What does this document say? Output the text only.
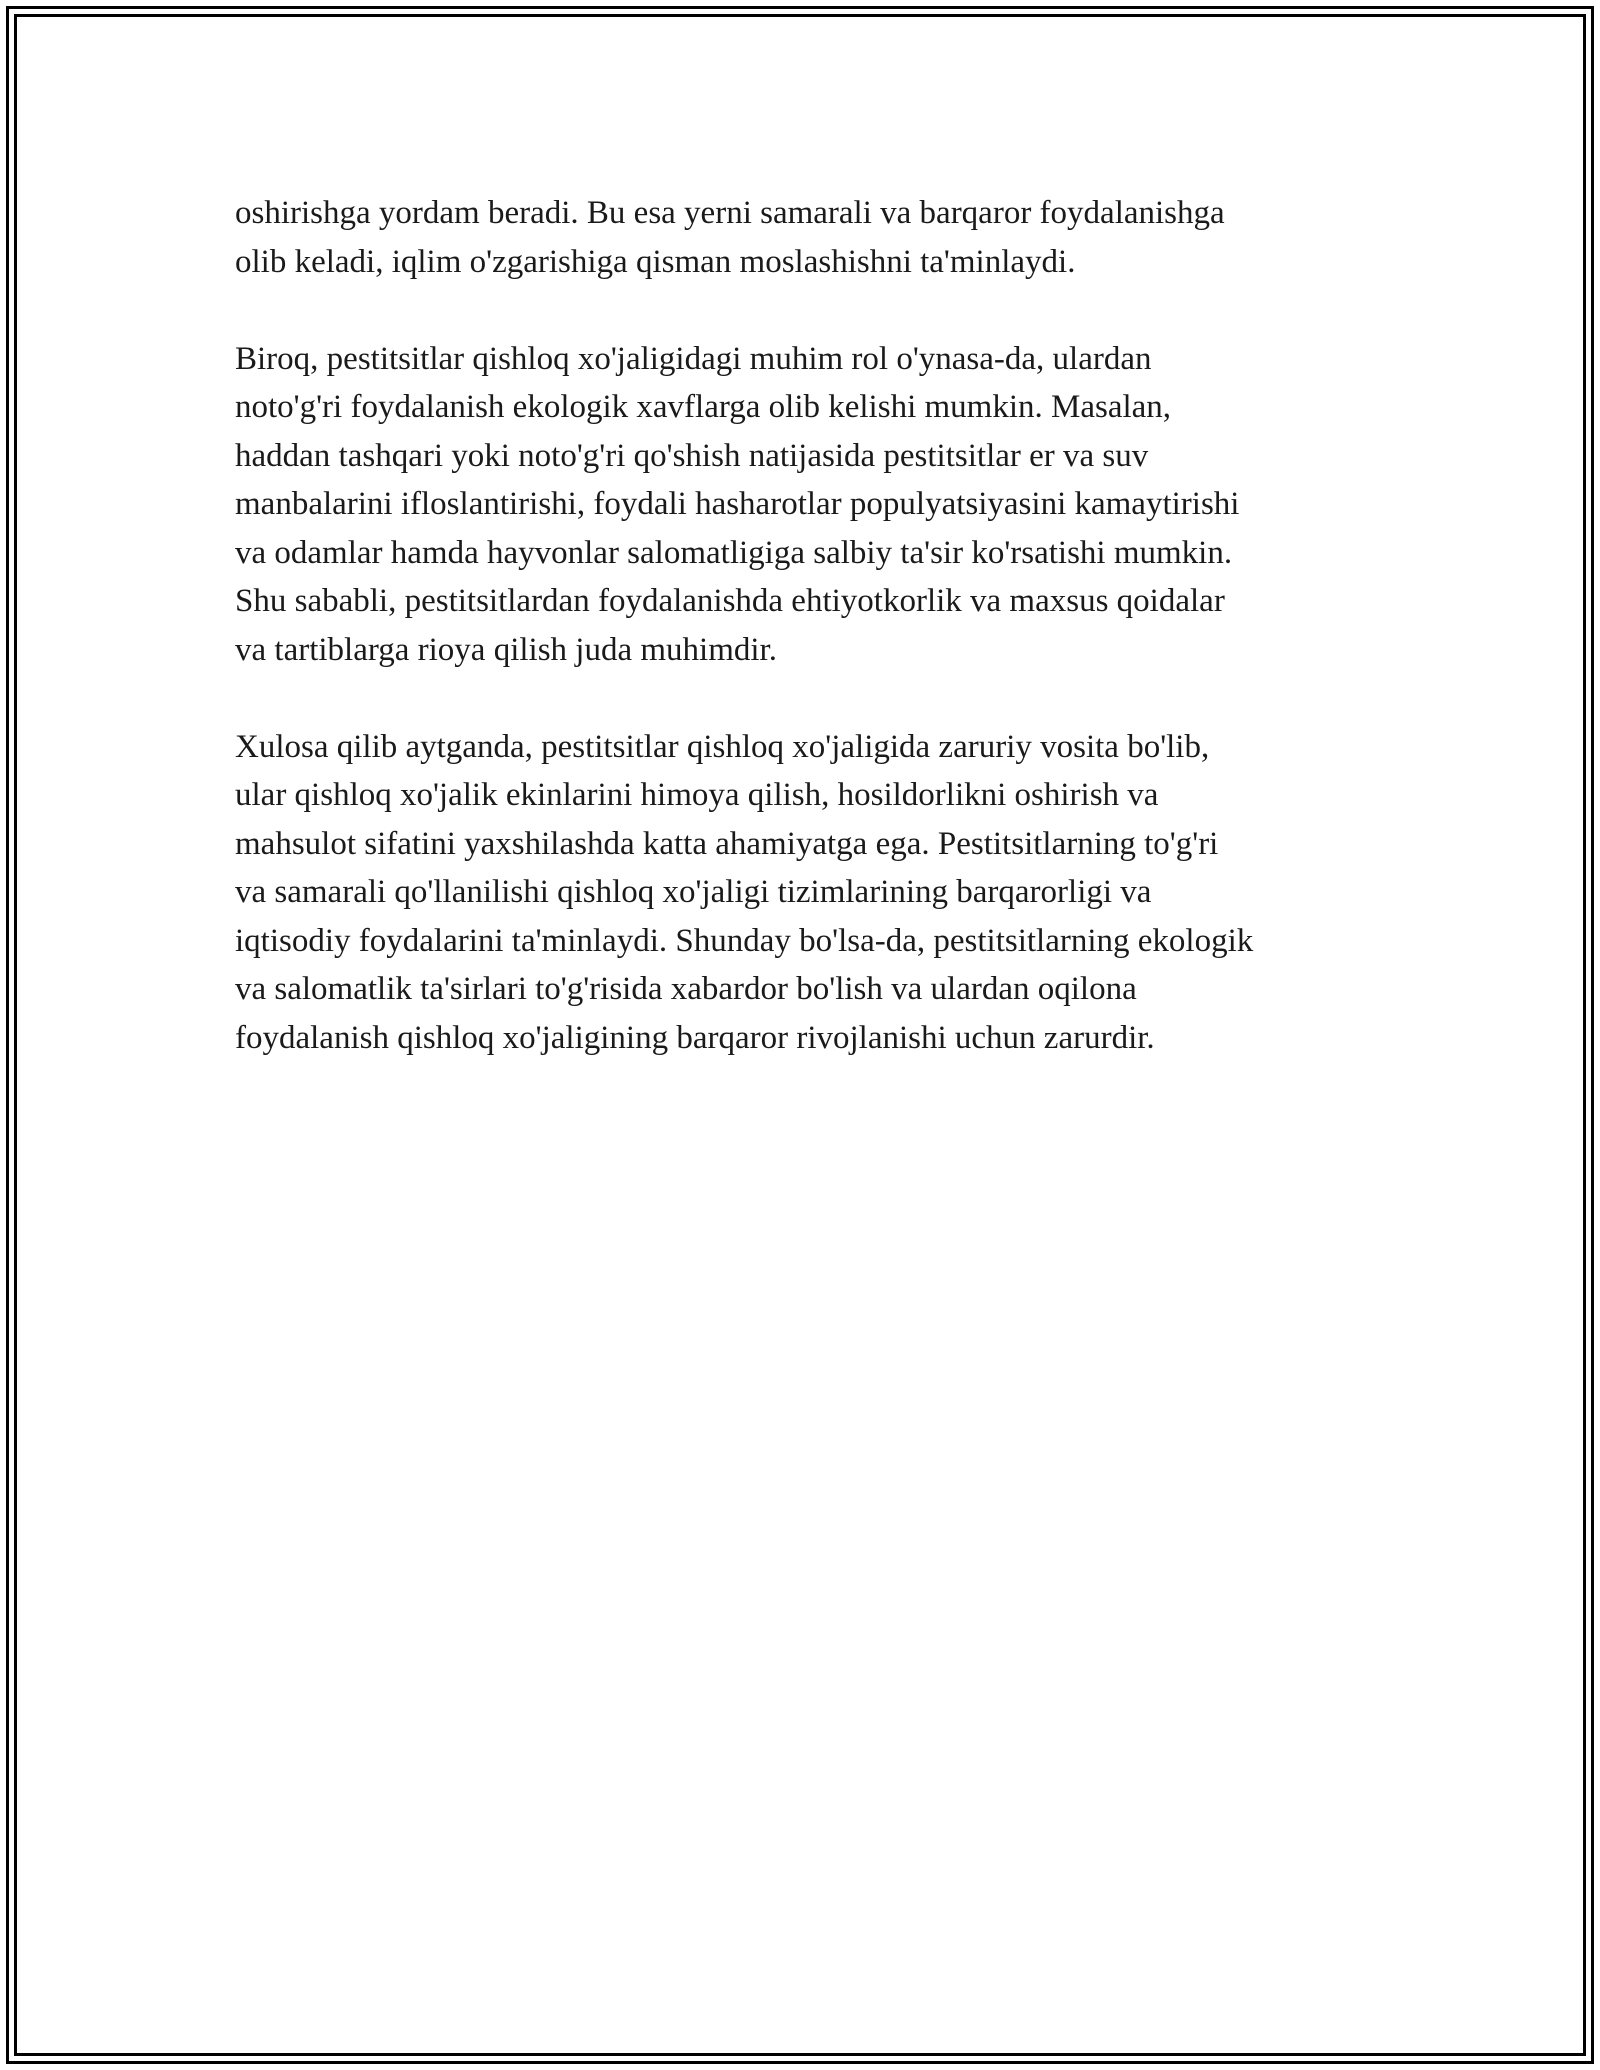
oshirishga yordam beradi. Bu esa yerni samarali va barqaror foydalanishga
olib keladi, iqlim o'zgarishiga qisman moslashishni ta'minlaydi.

Biroq, pestitsitlar qishloq xo'jaligidagi muhim rol o'ynasa-da, ulardan
noto'g'ri foydalanish ekologik xavflarga olib kelishi mumkin. Masalan,
haddan tashqari yoki noto'g'ri qo'shish natijasida pestitsitlar er va suv
manbalarini ifloslantirishi, foydali hasharotlar populyatsiyasini kamaytirishi
va odamlar hamda hayvonlar salomatligiga salbiy ta'sir ko'rsatishi mumkin.
Shu sababli, pestitsitlardan foydalanishda ehtiyotkorlik va maxsus qoidalar
va tartiblarga rioya qilish juda muhimdir.

Xulosa qilib aytganda, pestitsitlar qishloq xo'jaligida zaruriy vosita bo'lib,
ular qishloq xo'jalik ekinlarini himoya qilish, hosildorlikni oshirish va
mahsulot sifatini yaxshilashda katta ahamiyatga ega. Pestitsitlarning to'g'ri
va samarali qo'llanilishi qishloq xo'jaligi tizimlarining barqarorligi va
iqtisodiy foydalarini ta'minlaydi. Shunday bo'lsa-da, pestitsitlarning ekologik
va salomatlik ta'sirlari to'g'risida xabardor bo'lish va ulardan oqilona
foydalanish qishloq xo'jaligining barqaror rivojlanishi uchun zarurdir.
